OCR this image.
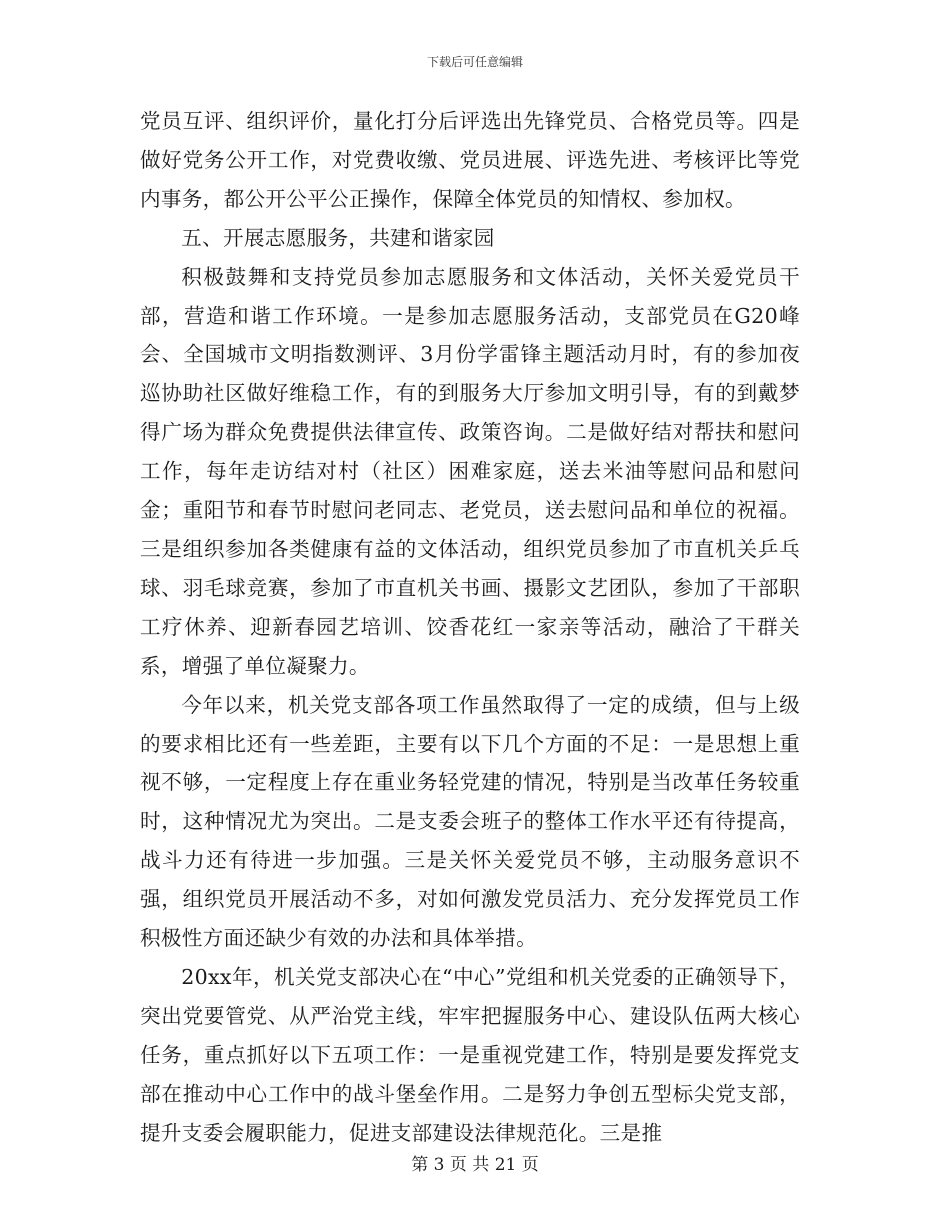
下载后可任意编辑

党员互评、组织评价，量化打分后评选出先锋党员、合格党员等。四是做好党务公开工作，对党费收缴、党员进展、评选先进、考核评比等党内事务，都公开公平公正操作，保障全体党员的知情权、参加权。

五、开展志愿服务，共建和谐家园

积极鼓舞和支持党员参加志愿服务和文体活动，关怀关爱党员干部，营造和谐工作环境。一是参加志愿服务活动，支部党员在G20峰会、全国城市文明指数测评、3月份学雷锋主题活动月时，有的参加夜巡协助社区做好维稳工作，有的到服务大厅参加文明引导，有的到戴梦得广场为群众免费提供法律宣传、政策咨询。二是做好结对帮扶和慰问工作，每年走访结对村（社区）困难家庭，送去米油等慰问品和慰问金；重阳节和春节时慰问老同志、老党员，送去慰问品和单位的祝福。三是组织参加各类健康有益的文体活动，组织党员参加了市直机关乒乓球、羽毛球竞赛，参加了市直机关书画、摄影文艺团队，参加了干部职工疗休养、迎新春园艺培训、饺香花红一家亲等活动，融洽了干群关系，增强了单位凝聚力。

今年以来，机关党支部各项工作虽然取得了一定的成绩，但与上级的要求相比还有一些差距，主要有以下几个方面的不足：一是思想上重视不够，一定程度上存在重业务轻党建的情况，特别是当改革任务较重时，这种情况尤为突出。二是支委会班子的整体工作水平还有待提高，战斗力还有待进一步加强。三是关怀关爱党员不够，主动服务意识不强，组织党员开展活动不多，对如何激发党员活力、充分发挥党员工作积极性方面还缺少有效的办法和具体举措。

20xx年，机关党支部决心在“中心”党组和机关党委的正确领导下，突出党要管党、从严治党主线，牢牢把握服务中心、建设队伍两大核心任务，重点抓好以下五项工作：一是重视党建工作，特别是要发挥党支部在推动中心工作中的战斗堡垒作用。二是努力争创五型标尖党支部，提升支委会履职能力，促进支部建设法律规范化。三是推

第 3 页 共 21 页
